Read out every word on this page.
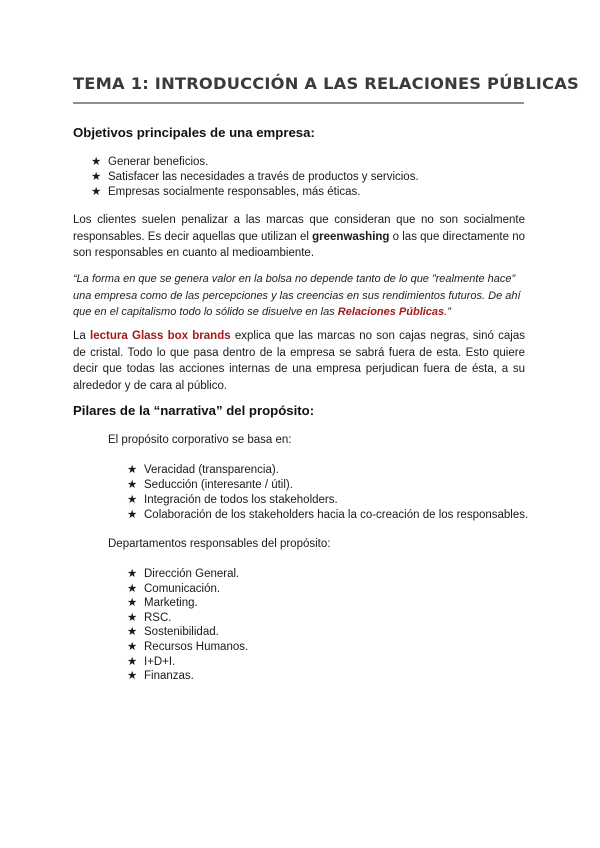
TEMA 1: INTRODUCCIÓN A LAS RELACIONES PÚBLICAS
Objetivos principales de una empresa:
★ Generar beneficios.
★ Satisfacer las necesidades a través de productos y servicios.
★ Empresas socialmente responsables, más éticas.

Los clientes suelen penalizar a las marcas que consideran que no son socialmente responsables. Es decir aquellas que utilizan el greenwashing o las que directamente no son responsables en cuanto al medioambiente.

“La forma en que se genera valor en la bolsa no depende tanto de lo que ”realmente hace” una empresa como de las percepciones y las creencias en sus rendimientos futuros. De ahí que en el capitalismo todo lo sólido se disuelve en las Relaciones Públicas.”

La lectura Glass box brands explica que las marcas no son cajas negras, sinó cajas de cristal. Todo lo que pasa dentro de la empresa se sabrá fuera de esta. Esto quiere decir que todas las acciones internas de una empresa perjudican fuera de ésta, a su alrededor y de cara al público.

Pilares de la “narrativa” del propósito:

El propósito corporativo se basa en:

★ Veracidad (transparencia).
★ Seducción (interesante / útil).
★ Integración de todos los stakeholders.
★ Colaboración de los stakeholders hacia la co-creación de los responsables.

Departamentos responsables del propósito:

★ Dirección General.
★ Comunicación.
★ Marketing.
★ RSC.
★ Sostenibilidad.
★ Recursos Humanos.
★ I+D+I.
★ Finanzas.
